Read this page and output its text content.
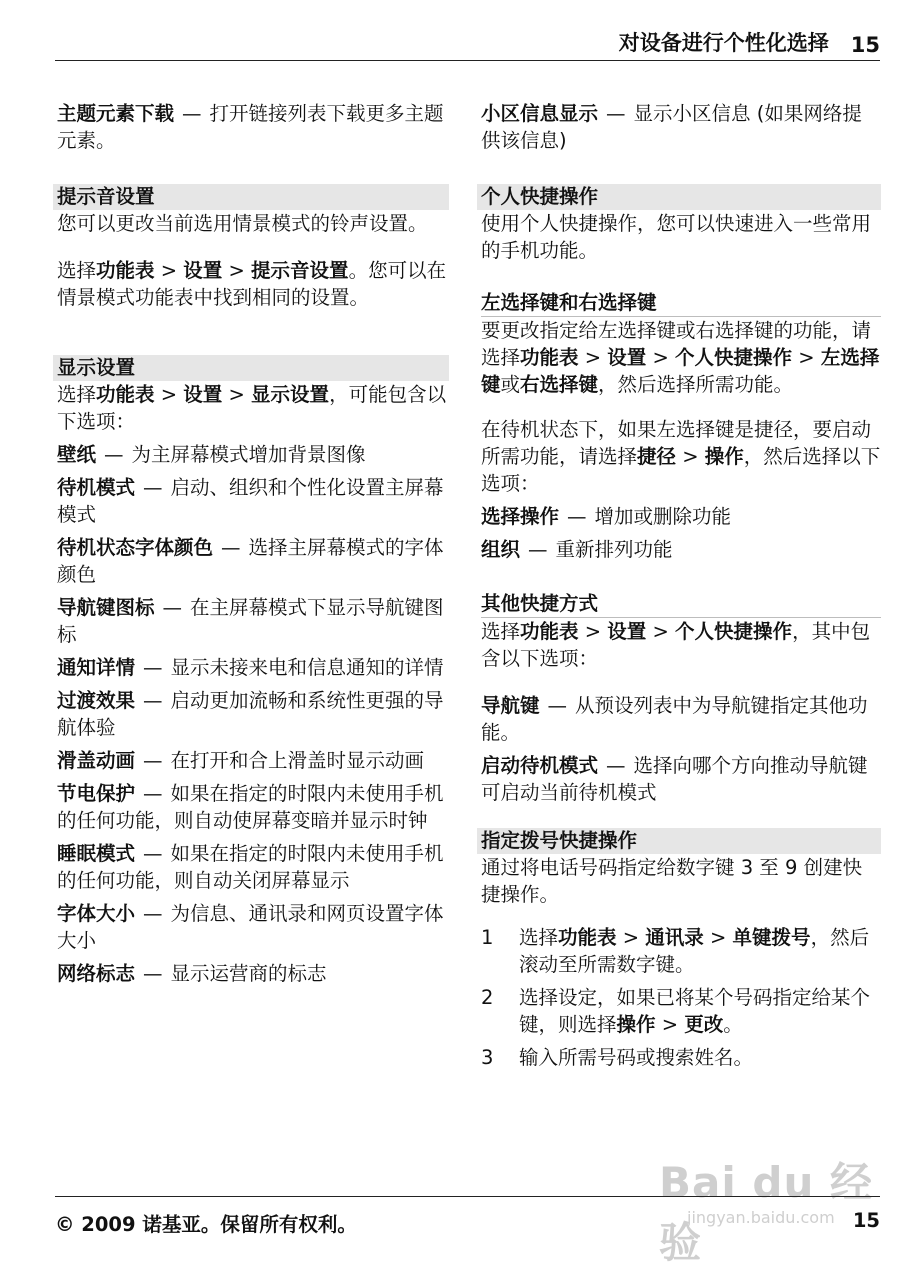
对设备进行个性化选择 15

主题元素下载 — 打开链接列表下载更多主题元素。

提示音设置

您可以更改当前选用情景模式的铃声设置。

选择功能表 > 设置 > 提示音设置。您可以在情景模式功能表中找到相同的设置。

显示设置

选择功能表 > 设置 > 显示设置，可能包含以下选项：

壁纸 — 为主屏幕模式增加背景图像

待机模式 — 启动、组织和个性化设置主屏幕模式

待机状态字体颜色 — 选择主屏幕模式的字体颜色

导航键图标 — 在主屏幕模式下显示导航键图标

通知详情 — 显示未接来电和信息通知的详情

过渡效果 — 启动更加流畅和系统性更强的导航体验

滑盖动画 — 在打开和合上滑盖时显示动画

节电保护 — 如果在指定的时限内未使用手机的任何功能，则自动使屏幕变暗并显示时钟

睡眠模式 — 如果在指定的时限内未使用手机的任何功能，则自动关闭屏幕显示

字体大小 — 为信息、通讯录和网页设置字体大小

网络标志 — 显示运营商的标志

小区信息显示 — 显示小区信息 (如果网络提供该信息)

个人快捷操作

使用个人快捷操作，您可以快速进入一些常用的手机功能。

左选择键和右选择键

要更改指定给左选择键或右选择键的功能，请选择功能表 > 设置 > 个人快捷操作 > 左选择键或右选择键，然后选择所需功能。

在待机状态下，如果左选择键是捷径，要启动所需功能，请选择捷径 > 操作，然后选择以下选项：

选择操作 — 增加或删除功能

组织 — 重新排列功能

其他快捷方式

选择功能表 > 设置 > 个人快捷操作，其中包含以下选项：

导航键 — 从预设列表中为导航键指定其他功能。

启动待机模式 — 选择向哪个方向推动导航键可启动当前待机模式

指定拨号快捷操作

通过将电话号码指定给数字键 3 至 9 创建快捷操作。

1	选择功能表 > 通讯录 > 单键拨号，然后滚动至所需数字键。
2	选择设定，如果已将某个号码指定给某个键，则选择操作 > 更改。
3	输入所需号码或搜索姓名。
Bai du 经验
jingyan.baidu.com
© 2009 诺基亚。保留所有权利。	15
